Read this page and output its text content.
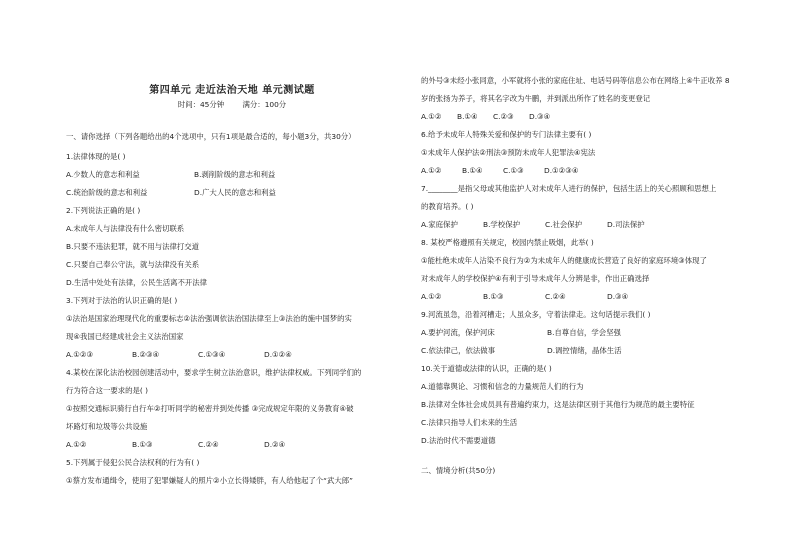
第四单元 走近法治天地 单元测试题
时间：45分钟 满分：100分
一、请你选择（下列各题给出的4个选项中，只有1项是最合适的，每小题3分，共30分）
1.法律体现的是( )
A.少数人的意志和利益	B.剥削阶级的意志和利益
C.统治阶级的意志和利益	D.广大人民的意志和利益
2.下列说法正确的是( )
A.未成年人与法律没有什么密切联系
B.只要不违法犯罪，就不用与法律打交道
C.只要自己奉公守法，就与法律没有关系
D.生活中处处有法律，公民生活离不开法律
3.下列对于法治的认识正确的是( )
①法治是国家治理现代化的重要标志②法治强调依法治国法律至上③法治的施中国梦的实
现④我国已经建成社会主义法治国家
A.①②③	B.②③④	C.①③④	D.①②④
4.某校在深化法治校园创建活动中，要求学生树立法治意识，维护法律权威。下列同学们的
行为符合这一要求的是( )
①按照交通标识骑行自行车②打听同学的秘密并到处传播 ③完成规定年限的义务教育④破
坏路灯和垃圾等公共设施
A.①②	B.①③	C.②④	D.②④
5.下列属于侵犯公民合法权利的行为有( )
①蔡方发布通缉令，使用了犯罪嫌疑人的照片②小立长得矮胖，有人给他起了个“武大郎”
的外号③未经小张同意，小军就将小张的家庭住址、电话号码等信息公布在网络上④牛正收养 8
岁的张扬为养子，将其名字改为牛鹏，并到派出所作了姓名的变更登记
A.①②	B.①④	C.②③	D.③④
6.给予未成年人特殊关爱和保护的专门法律主要有( )
①未成年人保护法②刑法③预防未成年人犯罪法④宪法
A.①②	B.①④	C.①③	D.①②③④
7.________是指父母或其他监护人对未成年人进行的保护，包括生活上的关心照顾和思想上
的教育培养。( )
A.家庭保护	B.学校保护	C.社会保护	D.司法保护
8. 某校严格遵照有关规定，校园内禁止吸烟，此举( )
①能杜绝未成年人沾染不良行为②为未成年人的健康成长营造了良好的家庭环境③体现了
对未成年人的学校保护④有利于引导未成年人分辨是非，作出正确选择
A.①②	B.①③	C.②④	D.③④
9.河流虽急，沿着河槽走；人虽众多，守着法律走。这句话提示我们( )
A.要护河流，保护河床	B.自尊自信，学会坚强
C.依法律己，依法做事	D.调控情绪，晶体生活
10.关于道德或法律的认识，正确的是( )
A.道德靠舆论、习惯和信念的力量规范人们的行为
B.法律对全体社会成员具有普遍约束力，这是法律区别于其他行为规范的最主要特征
C.法律只指导人们未来的生活
D.法治时代不需要道德
二、情境分析(共50分)
